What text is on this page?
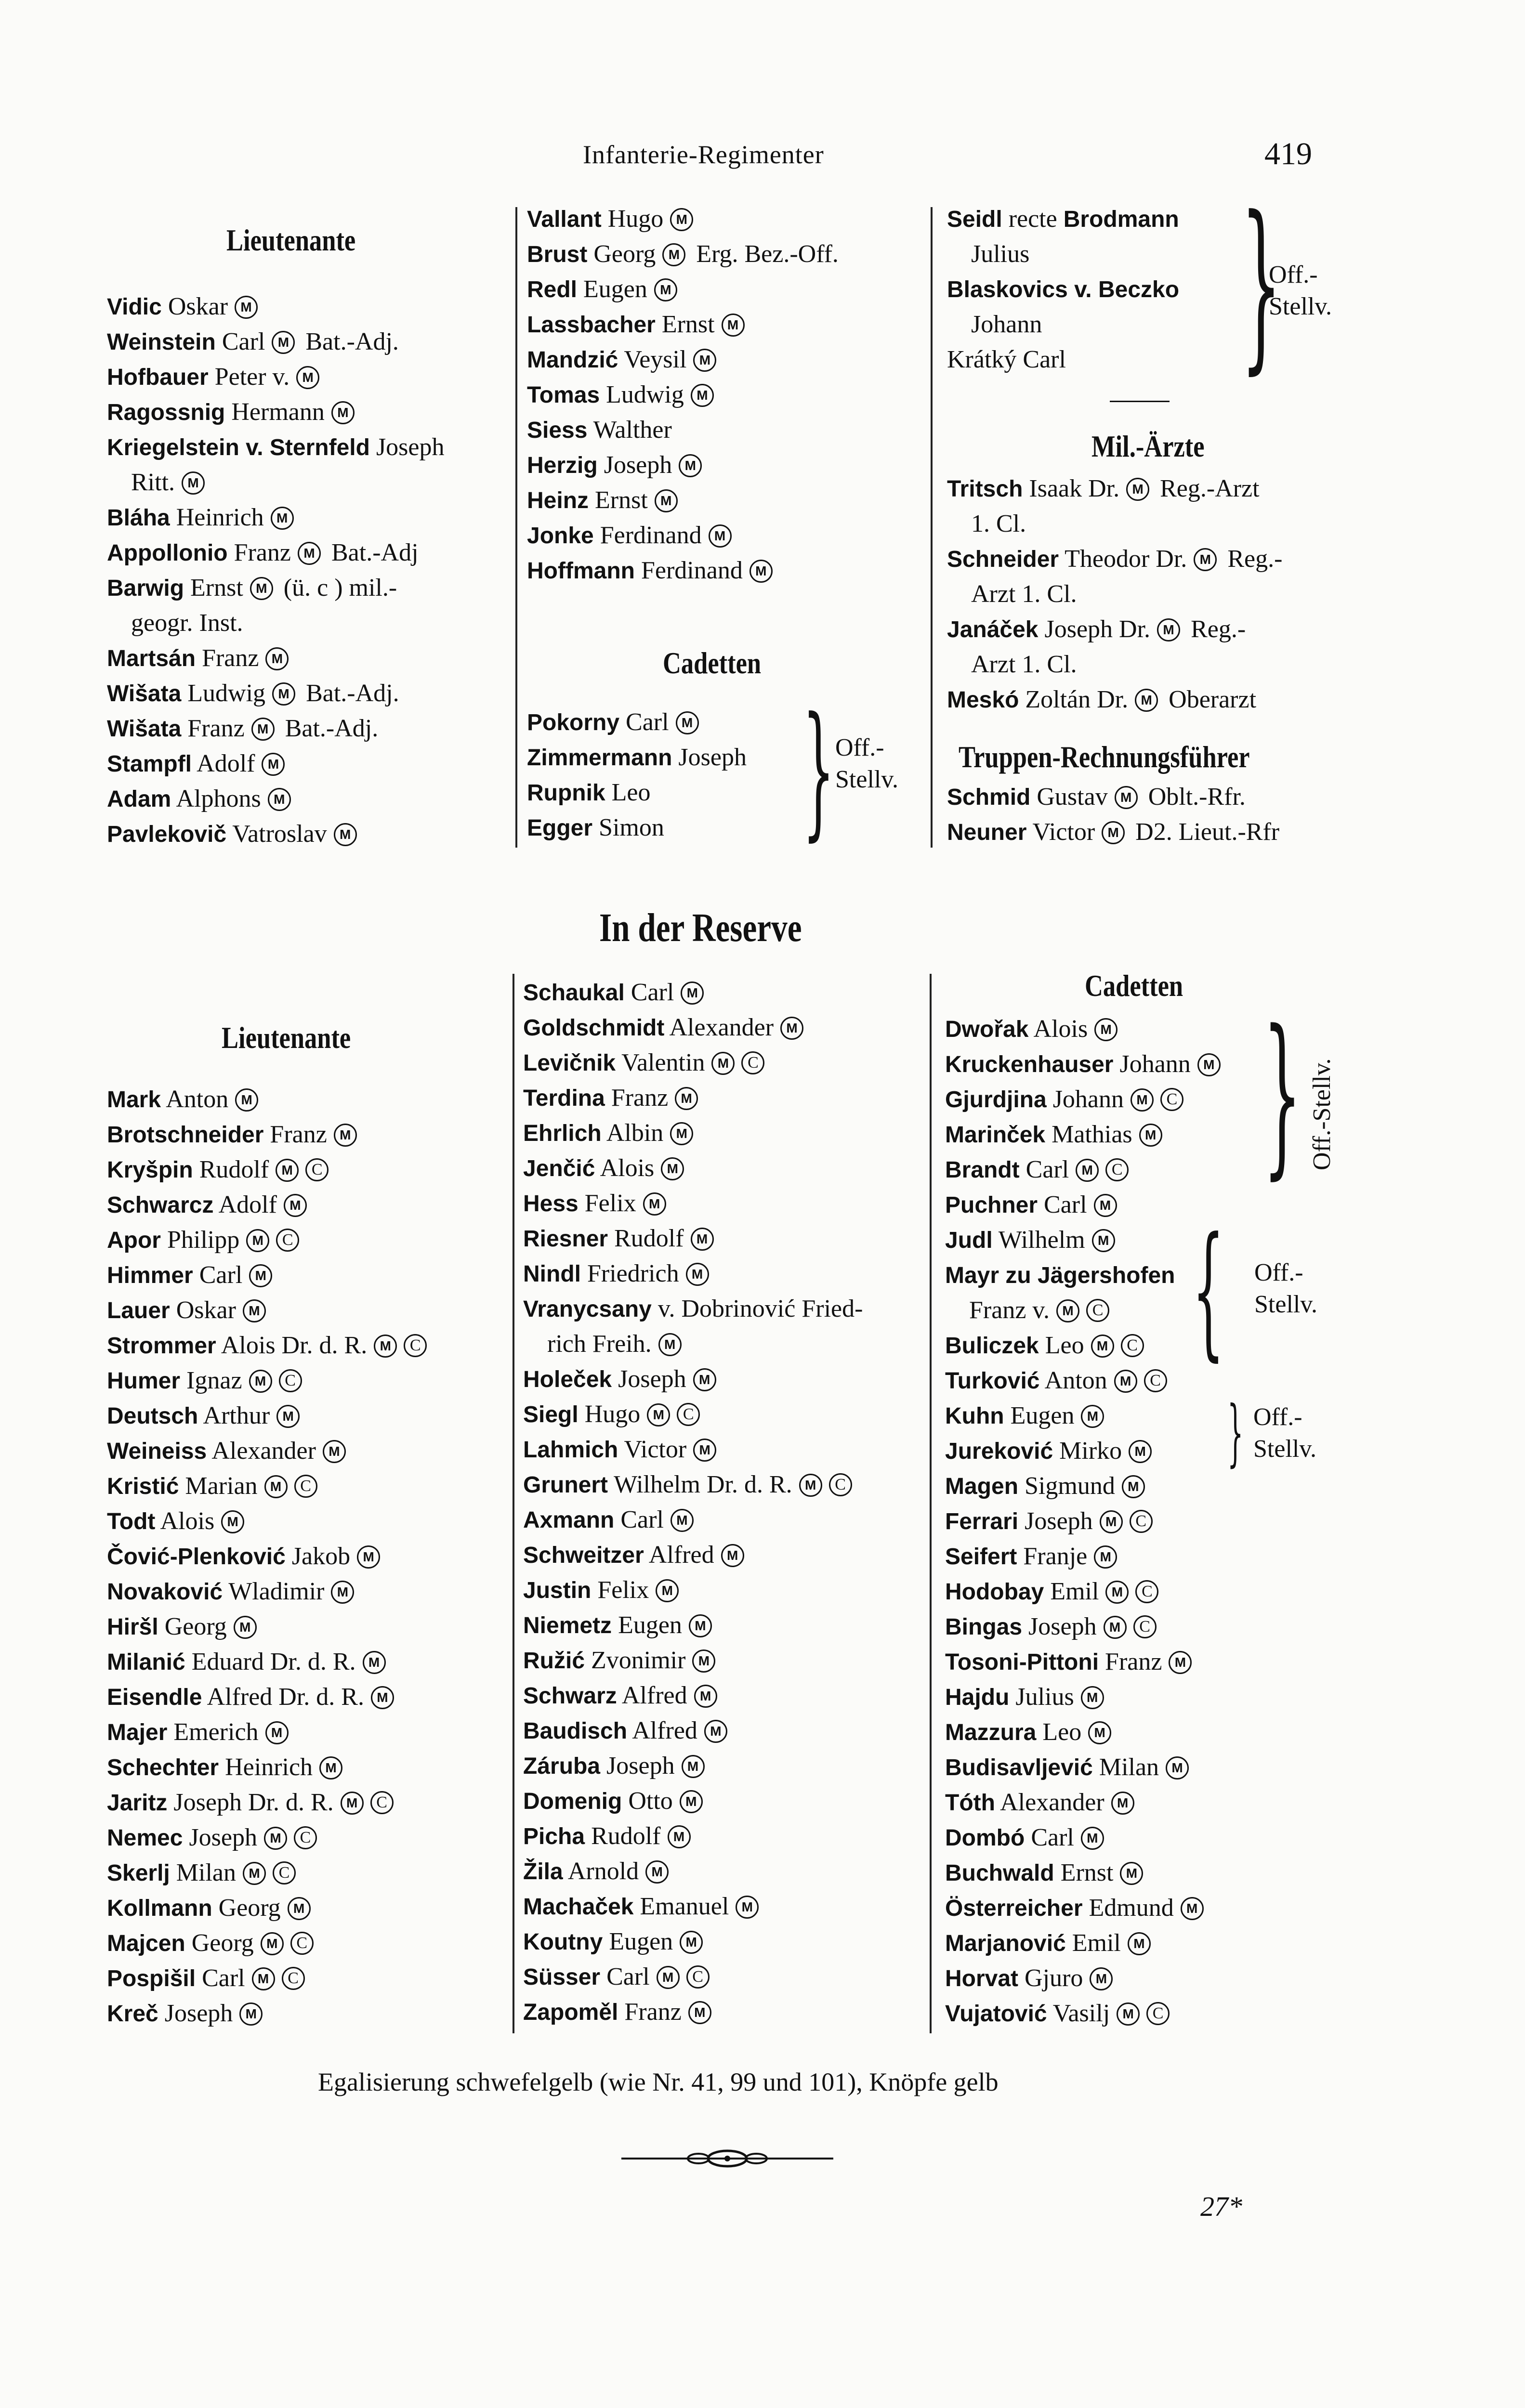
Infanterie-Regimenter	419
Lieutenante
Vidic Oskar M
Weinstein Carl M Bat.-Adj.
Hofbauer Peter v. M
Ragossnig Hermann M
Kriegelstein v. Sternfeld Joseph
Ritt. M
Bláha Heinrich M
Appollonio Franz M Bat.-Adj
Barwig Ernst M (ü. c ) mil.-
geogr. Inst.
Martsán Franz M
Wišata Ludwig M Bat.-Adj.
Wišata Franz M Bat.-Adj.
Stampfl Adolf M
Adam Alphons M
Pavlekovič Vatroslav M
Vallant Hugo M
Brust Georg M Erg. Bez.-Off.
Redl Eugen M
Lassbacher Ernst M
Mandzić Veysil M
Tomas Ludwig M
Siess Walther
Herzig Joseph M
Heinz Ernst M
Jonke Ferdinand M
Hoffmann Ferdinand M
Cadetten
Pokorny Carl M
Zimmermann Joseph
Rupnik Leo
Egger Simon } Off.-
Stellv.
Seidl recte Brodmann
Julius
Blaskovics v. Beczko
Johann
Krátký Carl }
Off.-
Stellv.
Mil.-Ärzte
Tritsch Isaak Dr. M Reg.-Arzt
1. Cl.
Schneider Theodor Dr. M Reg.-
Arzt 1. Cl.
Janáček Joseph Dr. M Reg.-
Arzt 1. Cl.
Meskó Zoltán Dr. M Oberarzt
Truppen-Rechnungsführer
Schmid Gustav M Oblt.-Rfr.
Neuner Victor M D2. Lieut.-Rfr
In der Reserve
Lieutenante
Mark Anton M
Brotschneider Franz M
Kryšpin Rudolf M C
Schwarcz Adolf M
Apor Philipp M C
Himmer Carl M
Lauer Oskar M
Strommer Alois Dr. d. R. M C
Humer Ignaz M C
Deutsch Arthur M
Weineiss Alexander M
Kristić Marian M C
Todt Alois M
Čović-Plenković Jakob M
Novaković Wladimir M
Hiršl Georg M
Milanić Eduard Dr. d. R. M
Eisendle Alfred Dr. d. R. M
Majer Emerich M
Schechter Heinrich M
Jaritz Joseph Dr. d. R. M C
Nemec Joseph M C
Skerlj Milan M C
Kollmann Georg M
Majcen Georg M C
Pospišil Carl M C
Kreč Joseph M
Schaukal Carl M
Goldschmidt Alexander M
Levičnik Valentin M C
Terdina Franz M
Ehrlich Albin M
Jenčić Alois M
Hess Felix M
Riesner Rudolf M
Nindl Friedrich M
Vranycsany v. Dobrinović Fried-
rich Freih. M
Holeček Joseph M
Siegl Hugo M C
Lahmich Victor M
Grunert Wilhelm Dr. d. R. M C
Axmann Carl M
Schweitzer Alfred M
Justin Felix M
Niemetz Eugen M
Ružić Zvonimir M
Schwarz Alfred M
Baudisch Alfred M
Záruba Joseph M
Domenig Otto M
Picha Rudolf M
Žila Arnold M
Machaček Emanuel M
Koutny Eugen M
Süsser Carl M C
Zapoměl Franz M
Cadetten
Dwořak Alois M
Kruckenhauser Johann M
Gjurdjina Johann M C
Marinček Mathias M
Brandt Carl M C
Puchner Carl M
Judl Wilhelm M
Mayr zu Jägershofen
Franz v. M C
Buliczek Leo M C
Turković Anton M C
Kuhn Eugen M
Jureković Mirko M
Magen Sigmund M
Ferrari Joseph M C
Seifert Franje M
Hodobay Emil M C
Bingas Joseph M C
Tosoni-Pittoni Franz M
Hajdu Julius M
Mazzura Leo M
Budisavljević Milan M
Tóth Alexander M
Dombó Carl M
Buchwald Ernst M
Österreicher Edmund M
Marjanović Emil M
Horvat Gjuro M
Vujatović Vasilj M C
} Off.-Stellv.
} Off.-
Stellv.
} Off.-
Stellv.
Egalisierung schwefelgelb (wie Nr. 41, 99 und 101), Knöpfe gelb
27*
